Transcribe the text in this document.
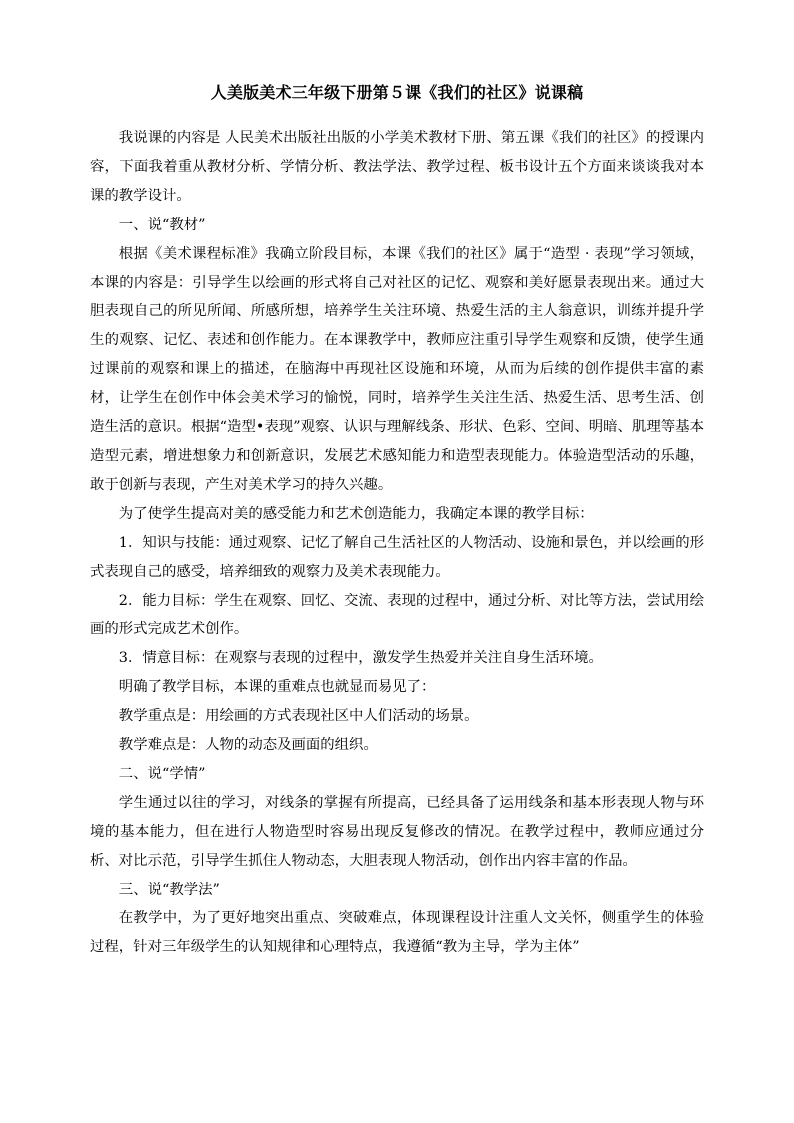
人美版美术三年级下册第５课《我们的社区》说课稿

我说课的内容是 人民美术出版社出版的小学美术教材下册、第五课《我们的社区》的授课内容，下面我着重从教材分析、学情分析、教法学法、教学过程、板书设计五个方面来谈谈我对本课的教学设计。

一、说“教材”

根据《美术课程标准》我确立阶段目标，本课《我们的社区》属于“造型 · 表现”学习领域，本课的内容是：引导学生以绘画的形式将自己对社区的记忆、观察和美好愿景表现出来。通过大胆表现自己的所见所闻、所感所想，培养学生关注环境、热爱生活的主人翁意识，训练并提升学生的观察、记忆、表述和创作能力。在本课教学中，教师应注重引导学生观察和反馈，使学生通过课前的观察和课上的描述，在脑海中再现社区设施和环境，从而为后续的创作提供丰富的素材，让学生在创作中体会美术学习的愉悦，同时，培养学生关注生活、热爱生活、思考生活、创造生活的意识。根据“造型•表现”观察、认识与理解线条、形状、色彩、空间、明暗、肌理等基本造型元素，增进想象力和创新意识，发展艺术感知能力和造型表现能力。体验造型活动的乐趣，敢于创新与表现，产生对美术学习的持久兴趣。

为了使学生提高对美的感受能力和艺术创造能力，我确定本课的教学目标：

1．知识与技能：通过观察、记忆了解自己生活社区的人物活动、设施和景色，并以绘画的形式表现自己的感受，培养细致的观察力及美术表现能力。

2．能力目标：学生在观察、回忆、交流、表现的过程中，通过分析、对比等方法，尝试用绘画的形式完成艺术创作。

3．情意目标：在观察与表现的过程中，激发学生热爱并关注自身生活环境。

明确了教学目标，本课的重难点也就显而易见了：

教学重点是：用绘画的方式表现社区中人们活动的场景。

教学难点是：人物的动态及画面的组织。

二、说“学情”

学生通过以往的学习，对线条的掌握有所提高，已经具备了运用线条和基本形表现人物与环境的基本能力，但在进行人物造型时容易出现反复修改的情况。在教学过程中，教师应通过分析、对比示范，引导学生抓住人物动态，大胆表现人物活动，创作出内容丰富的作品。

三、说“教学法”

在教学中，为了更好地突出重点、突破难点，体现课程设计注重人文关怀，侧重学生的体验过程，针对三年级学生的认知规律和心理特点，我遵循“教为主导，学为主体”
